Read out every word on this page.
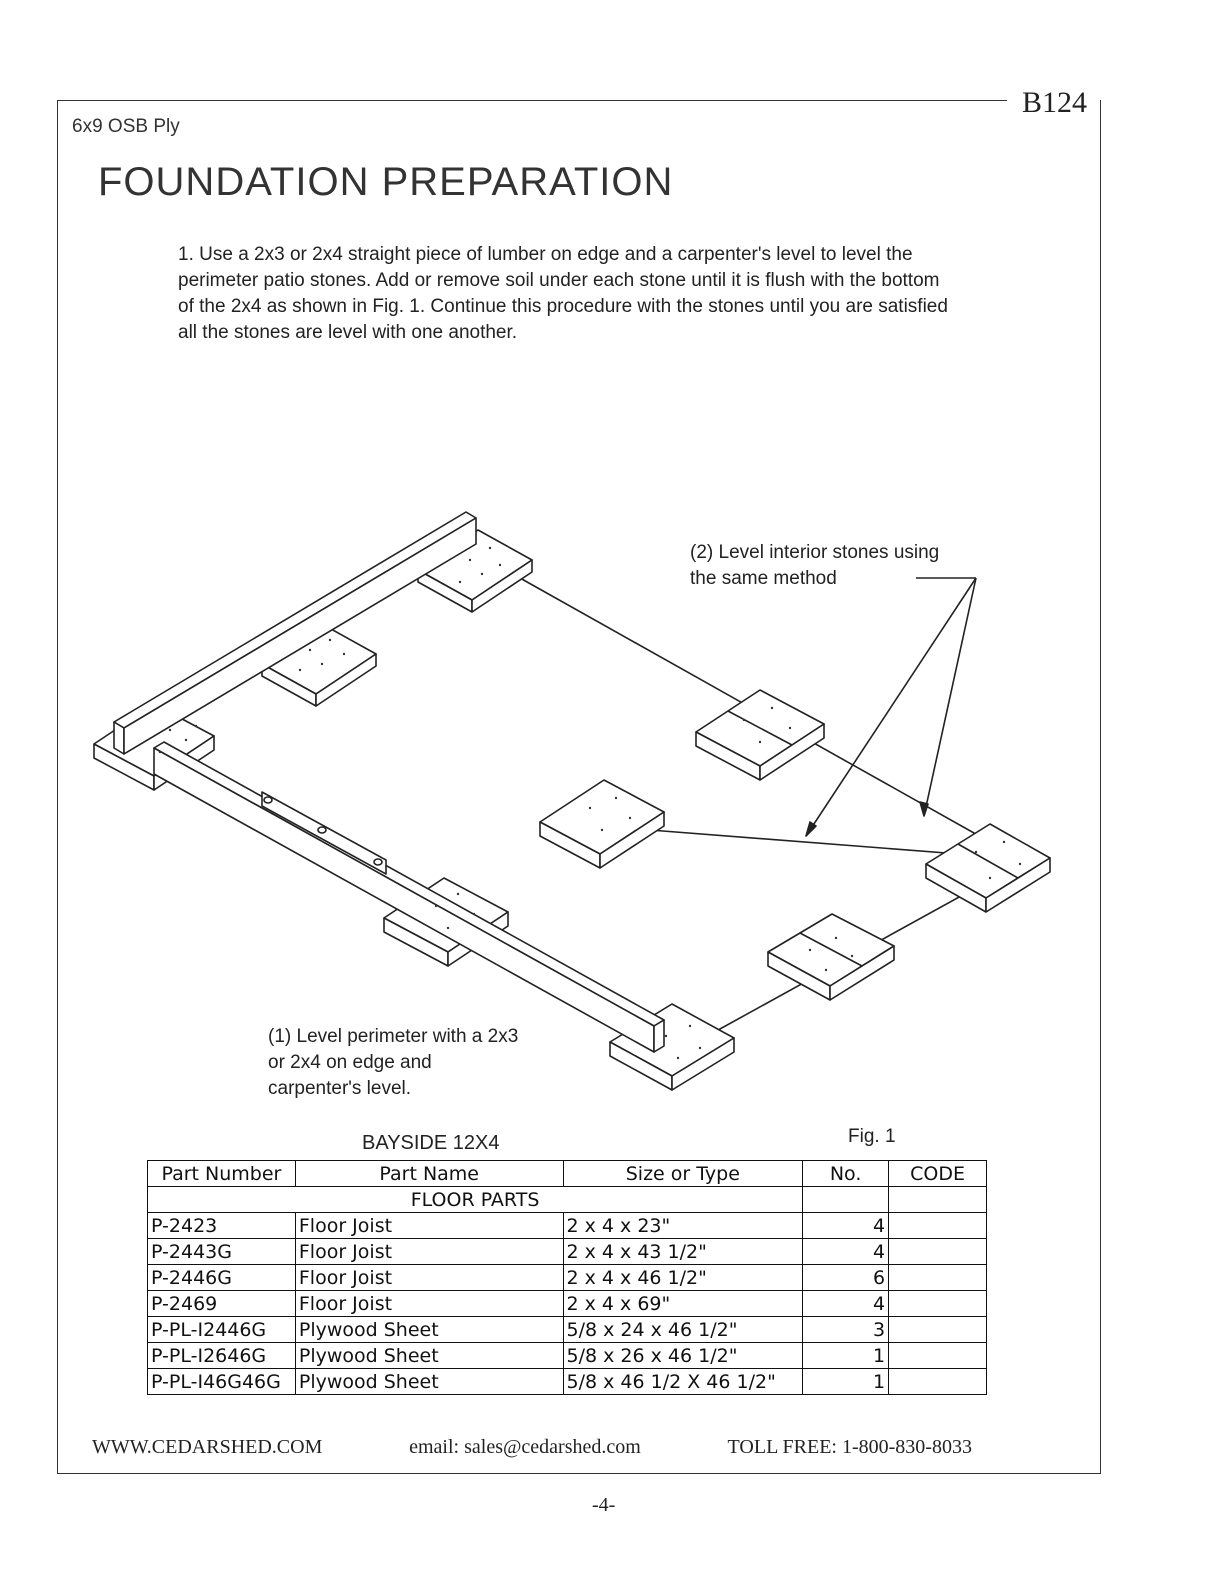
B124
6x9 OSB Ply
FOUNDATION PREPARATION

1. Use a 2x3 or 2x4 straight piece of lumber on edge and a carpenter's level to level the perimeter patio stones. Add or remove soil under each stone until it is flush with the bottom of the 2x4 as shown in Fig. 1. Continue this procedure with the stones until you are satisfied all the stones are level with one another.

(2) Level interior stones using the same method
(1) Level perimeter with a 2x3 or 2x4 on edge and carpenter's level.
Fig. 1
BAYSIDE 12X4
Part Number	Part Name	Size or Type	No.	CODE
FLOOR PARTS				
P-2423	Floor Joist	2 x 4 x 23"	4	
P-2443G	Floor Joist	2 x 4 x 43 1/2"	4	
P-2446G	Floor Joist	2 x 4 x 46 1/2"	6	
P-2469	Floor Joist	2 x 4 x 69"	4	
P-PL-I2446G	Plywood Sheet	5/8 x 24 x 46 1/2"	3	
P-PL-I2646G	Plywood Sheet	5/8 x 26 x 46 1/2"	1	
P-PL-I46G46G	Plywood Sheet	5/8 x 46 1/2 X 46 1/2"	1	
WWW.CEDARSHED.COM	email: sales@cedarshed.com	TOLL FREE: 1-800-830-8033
-4-
